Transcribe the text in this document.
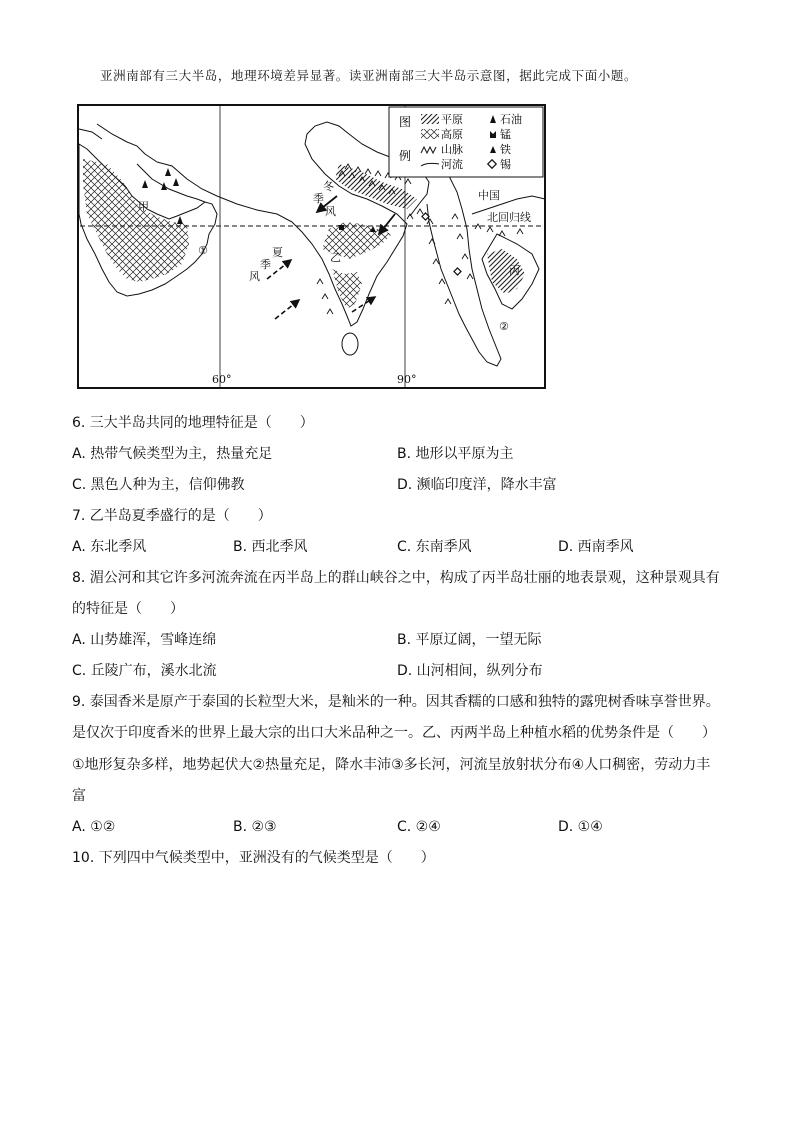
亚洲南部有三大半岛，地理环境差异显著。读亚洲南部三大半岛示意图，据此完成下面小题。
图
例
平原	石油
高原	锰
山脉	铁
河流	锡
中国
北回归线
甲
乙
丙
①
②
冬
季
风
夏
季
风
60°	90°
6. 三大半岛共同的地理特征是（　　）
A. 热带气候类型为主，热量充足	B. 地形以平原为主
C. 黑色人种为主，信仰佛教	D. 濒临印度洋，降水丰富
7. 乙半岛夏季盛行的是（　　）
A. 东北季风	B. 西北季风	C. 东南季风	D. 西南季风
8. 湄公河和其它许多河流奔流在丙半岛上的群山峡谷之中，构成了丙半岛壮丽的地表景观，这种景观具有
的特征是（　　）
A. 山势雄浑，雪峰连绵	B. 平原辽阔，一望无际
C. 丘陵广布，溪水北流	D. 山河相间，纵列分布
9. 泰国香米是原产于泰国的长粒型大米，是籼米的一种。因其香糯的口感和独特的露兜树香味享誉世界。
是仅次于印度香米的世界上最大宗的出口大米品种之一。乙、丙两半岛上种植水稻的优势条件是（　　）
①地形复杂多样，地势起伏大②热量充足，降水丰沛③多长河，河流呈放射状分布④人口稠密，劳动力丰
富
A. ①②	B. ②③	C. ②④	D. ①④
10. 下列四中气候类型中，亚洲没有的气候类型是（　　）
